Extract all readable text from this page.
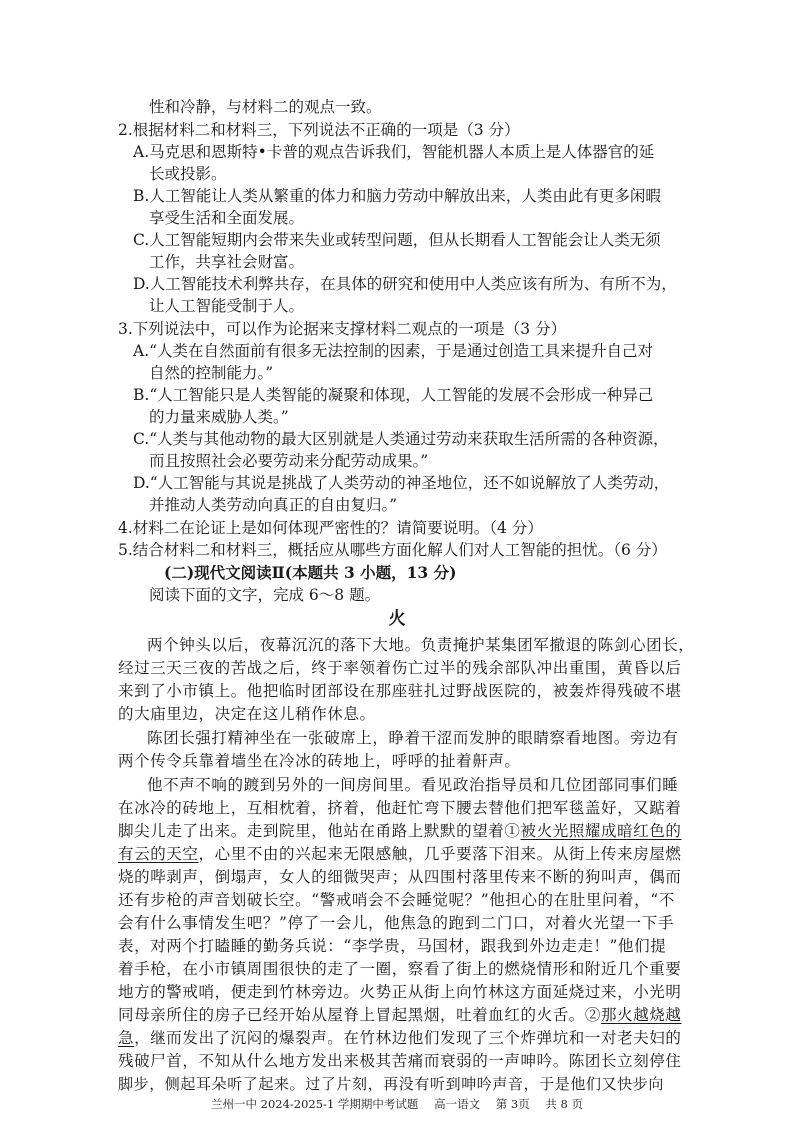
性和冷静，与材料二的观点一致。
2.根据材料二和材料三，下列说法不正确的一项是（3 分）
A.马克思和恩斯特•卡普的观点告诉我们，智能机器人本质上是人体器官的延
长或投影。
B.人工智能让人类从繁重的体力和脑力劳动中解放出来，人类由此有更多闲暇
享受生活和全面发展。
C.人工智能短期内会带来失业或转型问题，但从长期看人工智能会让人类无须
工作，共享社会财富。
D.人工智能技术利弊共存，在具体的研究和使用中人类应该有所为、有所不为，
让人工智能受制于人。
3.下列说法中，可以作为论据来支撑材料二观点的一项是（3 分）
A.“人类在自然面前有很多无法控制的因素，于是通过创造工具来提升自己对
自然的控制能力。”
B.“人工智能只是人类智能的凝聚和体现，人工智能的发展不会形成一种异己
的力量来威胁人类。”
C.“人类与其他动物的最大区别就是人类通过劳动来获取生活所需的各种资源，
而且按照社会必要劳动来分配劳动成果。”
D.“人工智能与其说是挑战了人类劳动的神圣地位，还不如说解放了人类劳动，
并推动人类劳动向真正的自由复归。”
4.材料二在论证上是如何体现严密性的？请简要说明。（4 分）
5.结合材料二和材料三，概括应从哪些方面化解人们对人工智能的担忧。（6 分）
(二)现代文阅读Ⅱ(本题共 3 小题，13 分)
阅读下面的文字，完成 6～8 题。
火
两个钟头以后，夜幕沉沉的落下大地。负责掩护某集团军撤退的陈剑心团长，
经过三天三夜的苦战之后，终于率领着伤亡过半的残余部队冲出重围，黄昏以后
来到了小市镇上。他把临时团部设在那座驻扎过野战医院的，被轰炸得残破不堪
的大庙里边，决定在这儿稍作休息。
陈团长强打精神坐在一张破席上，睁着干涩而发肿的眼睛察看地图。旁边有
两个传令兵靠着墙坐在冷冰的砖地上，呼呼的扯着鼾声。
他不声不响的踱到另外的一间房间里。看见政治指导员和几位团部同事们睡
在冰冷的砖地上，互相枕着，挤着，他赶忙弯下腰去替他们把军毯盖好，又踮着
脚尖儿走了出来。走到院里，他站在甬路上默默的望着①被火光照耀成暗红色的
有云的天空，心里不由的兴起来无限感触，几乎要落下泪来。从街上传来房屋燃
烧的哔剥声，倒塌声，女人的细微哭声；从四围村落里传来不断的狗叫声，偶而
还有步枪的声音划破长空。“警戒哨会不会睡觉呢？”他担心的在肚里问着，“不
会有什么事情发生吧？”停了一会儿，他焦急的跑到二门口，对着火光望一下手
表，对两个打瞌睡的勤务兵说：“李学贵，马国材，跟我到外边走走！”他们提
着手枪，在小市镇周围很快的走了一圈，察看了街上的燃烧情形和附近几个重要
地方的警戒哨，便走到竹林旁边。火势正从街上向竹林这方面延烧过来，小光明
同母亲所住的房子已经开始从屋脊上冒起黑烟，吐着血红的火舌。②那火越烧越
急，继而发出了沉闷的爆裂声。在竹林边他们发现了三个炸弹坑和一对老夫妇的
残破尸首，不知从什么地方发出来极其苦痛而衰弱的一声呻吟。陈团长立刻停住
兰州一中 2024-2025-1 学期期中考试题 高一语文 第 3页 共 8 页
脚步，侧起耳朵听了起来。过了片刻，再没有听到呻吟声音，于是他们又快步向
